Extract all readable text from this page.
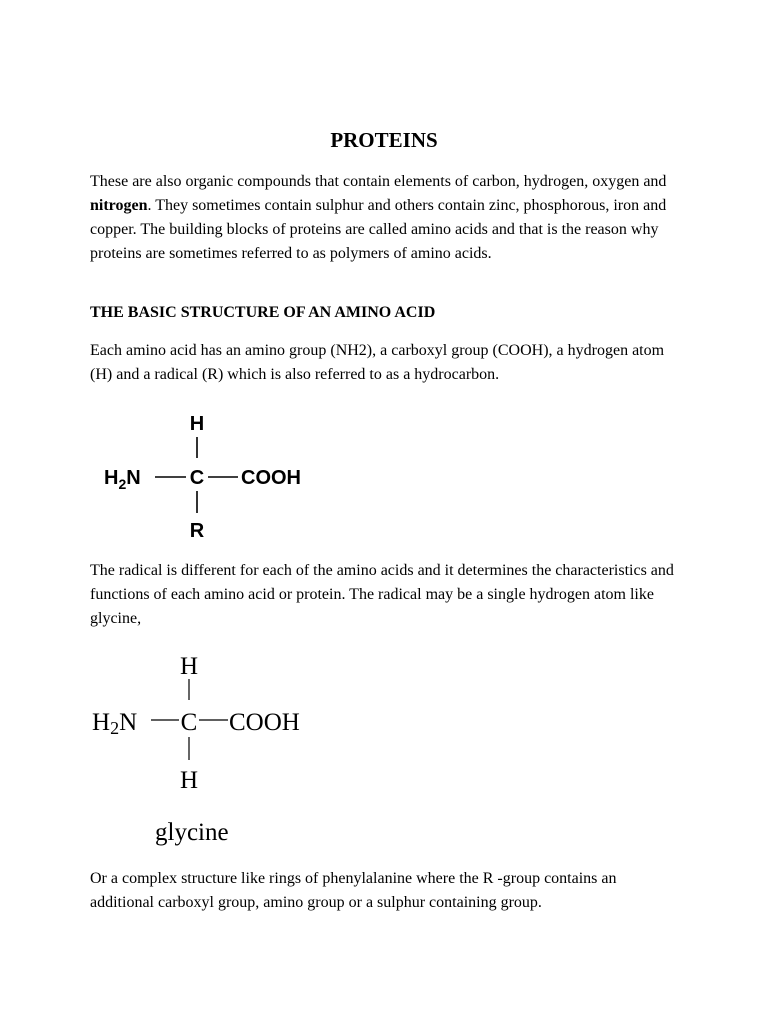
PROTEINS

These are also organic compounds that contain elements of carbon, hydrogen, oxygen and nitrogen. They sometimes contain sulphur and others contain zinc, phosphorous, iron and copper. The building blocks of proteins are called amino acids and that is the reason why proteins are sometimes referred to as polymers of amino acids.

THE BASIC STRUCTURE OF AN AMINO ACID

Each amino acid has an amino group (NH2), a carboxyl group (COOH), a hydrogen atom (H) and a radical (R) which is also referred to as a hydrocarbon.

H
$H_2N$ C COOH
R

The radical is different for each of the amino acids and it determines the characteristics and functions of each amino acid or protein. The radical may be a single hydrogen atom like glycine,

H
H2N C COOH
H
glycine

Or a complex structure like rings of phenylalanine where the R -group contains an additional carboxyl group, amino group or a sulphur containing group.
